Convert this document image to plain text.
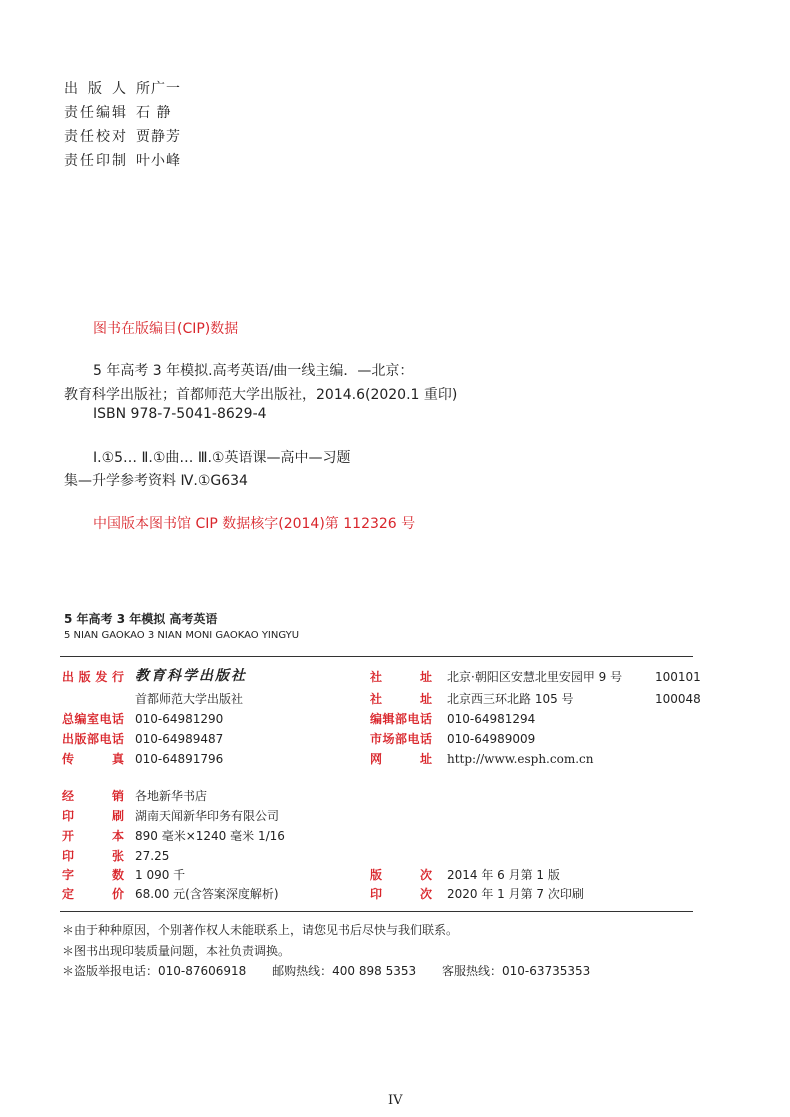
出版人 所广一
责任编辑 石 静
责任校对 贾静芳
责任印制 叶小峰
图书在版编目(CIP)数据
5 年高考 3 年模拟.高考英语/曲一线主编．—北京：
教育科学出版社；首都师范大学出版社，2014.6(2020.1 重印)
ISBN 978-7-5041-8629-4
Ⅰ.①5… Ⅱ.①曲… Ⅲ.①英语课—高中—习题
集—升学参考资料 Ⅳ.①G634
中国版本图书馆 CIP 数据核字(2014)第 112326 号
5 年高考 3 年模拟 高考英语
5 NIAN GAOKAO 3 NIAN MONI GAOKAO YINGYU
出版发行 教育科学出版社
首都师范大学出版社
总编室电话 010-64981290
出版部电话 010-64989487
传真 010-64891796
社址 北京·朝阳区安慧北里安园甲 9 号	100101
社址 北京西三环北路 105 号	100048
编辑部电话 010-64981294
市场部电话 010-64989009
网址 http://www.esph.com.cn
经销 各地新华书店
印刷 湖南天闻新华印务有限公司
开本 890 毫米×1240 毫米 1/16
印张 27.25
字数 1 090 千
定价 68.00 元(含答案深度解析)
版次 2014 年 6 月第 1 版
印次 2020 年 1 月第 7 次印刷
＊由于种种原因，个别著作权人未能联系上，请您见书后尽快与我们联系。
＊图书出现印装质量问题，本社负责调换。
＊盗版举报电话：010-87606918 邮购热线：400 898 5353 客服热线：010-63735353
IV
